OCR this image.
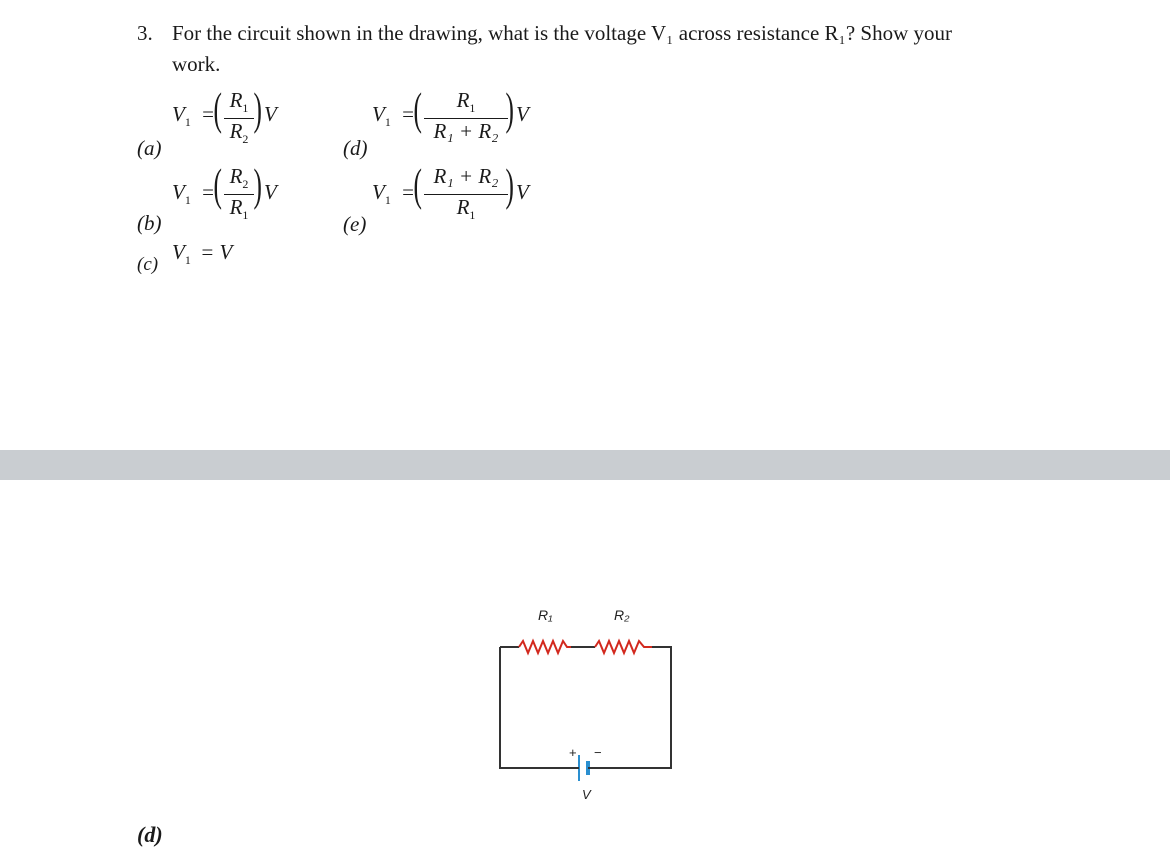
3. For the circuit shown in the drawing, what is the voltage V₁ across resistance R₁? Show your
work.
(a)
$V_1$ = ( $R_1$
$R_2$
) V
(b)
$V_1$ = ( $R_2$
$R_1$
) V
(c)
$V_1 = V$
(d)
$V_1$ = (	$R_1$
R₁ + R₂ ) V
(e)
$V_1$ = ( R₁ + R₂
$R_1$
) V
R₁	R₂
+ −
V
(d)
